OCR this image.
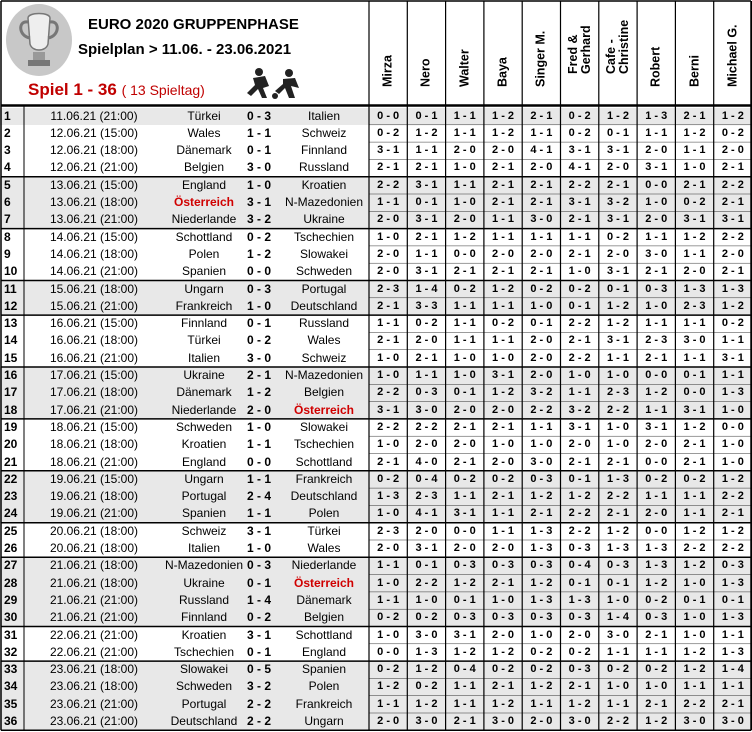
EURO 2020 GRUPPENPHASE
Spielplan > 11.06. - 23.06.2021
Spiel 1 - 36 ( 13 Spieltag)
Mirza Nero Walter Baya Singer M. Fred &
Gerhard Cafe -
Christine Robert Berni Michael G.
1	11.06.21 (21:00)	Türkei	0 - 3	Italien	0 - 0	0 - 1	1 - 1	1 - 2	2 - 1	0 - 2	1 - 2	1 - 3	2 - 1	1 - 2
2	12.06.21 (15:00)	Wales	1 - 1	Schweiz	0 - 2	1 - 2	1 - 1	1 - 2	1 - 1	0 - 2	0 - 1	1 - 1	1 - 2	0 - 2
3	12.06.21 (18:00)	Dänemark	0 - 1	Finnland	3 - 1	1 - 1	2 - 0	2 - 0	4 - 1	3 - 1	3 - 1	2 - 0	1 - 1	2 - 0
4	12.06.21 (21:00)	Belgien	3 - 0	Russland	2 - 1	2 - 1	1 - 0	2 - 1	2 - 0	4 - 1	2 - 0	3 - 1	1 - 0	2 - 1
5	13.06.21 (15:00)	England	1 - 0	Kroatien	2 - 2	3 - 1	1 - 1	2 - 1	2 - 1	2 - 2	2 - 1	0 - 0	2 - 1	2 - 2
6	13.06.21 (18:00)	Österreich	3 - 1	N-Mazedonien	1 - 1	0 - 1	1 - 0	2 - 1	2 - 1	3 - 1	3 - 2	1 - 0	0 - 2	2 - 1
7	13.06.21 (21:00)	Niederlande 3 - 2	Ukraine	2 - 0	3 - 1	2 - 0	1 - 1	3 - 0	2 - 1	3 - 1	2 - 0	3 - 1	3 - 1
8	14.06.21 (15:00)	Schottland	0 - 2	Tschechien	1 - 0	2 - 1	1 - 2	1 - 1	1 - 1	1 - 1	0 - 2	1 - 1	1 - 2	2 - 2
9	14.06.21 (18:00)	Polen	1 - 2	Slowakei	2 - 0	1 - 1	0 - 0	2 - 0	2 - 0	2 - 1	2 - 0	3 - 0	1 - 1	2 - 0
10	14.06.21 (21:00)	Spanien	0 - 0	Schweden	2 - 0	3 - 1	2 - 1	2 - 1	2 - 1	1 - 0	3 - 1	2 - 1	2 - 0	2 - 1
11	15.06.21 (18:00)	Ungarn	0 - 3	Portugal	2 - 3	1 - 4	0 - 2	1 - 2	0 - 2	0 - 2	0 - 1	0 - 3	1 - 3	1 - 3
12	15.06.21 (21:00)	Frankreich	1 - 0	Deutschland	2 - 1	3 - 3	1 - 1	1 - 1	1 - 0	0 - 1	1 - 2	1 - 0	2 - 3	1 - 2
13	16.06.21 (15:00)	Finnland	0 - 1	Russland	1 - 1	0 - 2	1 - 1	0 - 2	0 - 1	2 - 2	1 - 2	1 - 1	1 - 1	0 - 2
14	16.06.21 (18:00)	Türkei	0 - 2	Wales	2 - 1	2 - 0	1 - 1	1 - 1	2 - 0	2 - 1	3 - 1	2 - 3	3 - 0	1 - 1
15	16.06.21 (21:00)	Italien	3 - 0	Schweiz	1 - 0	2 - 1	1 - 0	1 - 0	2 - 0	2 - 2	1 - 1	2 - 1	1 - 1	3 - 1
16	17.06.21 (15:00)	Ukraine	2 - 1	N-Mazedonien	1 - 0	1 - 1	1 - 0	3 - 1	2 - 0	1 - 0	1 - 0	0 - 0	0 - 1	1 - 1
17	17.06.21 (18:00)	Dänemark	1 - 2	Belgien	2 - 2	0 - 3	0 - 1	1 - 2	3 - 2	1 - 1	2 - 3	1 - 2	0 - 0	1 - 3
18	17.06.21 (21:00)	Niederlande 2 - 0	Österreich	3 - 1	3 - 0	2 - 0	2 - 0	2 - 2	3 - 2	2 - 2	1 - 1	3 - 1	1 - 0
19	18.06.21 (15:00)	Schweden	1 - 0	Slowakei	2 - 2	2 - 2	2 - 1	2 - 1	1 - 1	3 - 1	1 - 0	3 - 1	1 - 2	0 - 0
20	18.06.21 (18:00)	Kroatien	1 - 1	Tschechien	1 - 0	2 - 0	2 - 0	1 - 0	1 - 0	2 - 0	1 - 0	2 - 0	2 - 1	1 - 0
21	18.06.21 (21:00)	England	0 - 0	Schottland	2 - 1	4 - 0	2 - 1	2 - 0	3 - 0	2 - 1	2 - 1	0 - 0	2 - 1	1 - 0
22	19.06.21 (15:00)	Ungarn	1 - 1	Frankreich	0 - 2	0 - 4	0 - 2	0 - 2	0 - 3	0 - 1	1 - 3	0 - 2	0 - 2	1 - 2
23	19.06.21 (18:00)	Portugal	2 - 4	Deutschland	1 - 3	2 - 3	1 - 1	2 - 1	1 - 2	1 - 2	2 - 2	1 - 1	1 - 1	2 - 2
24	19.06.21 (21:00)	Spanien	1 - 1	Polen	1 - 0	4 - 1	3 - 1	1 - 1	2 - 1	2 - 2	2 - 1	2 - 0	1 - 1	2 - 1
25	20.06.21 (18:00)	Schweiz	3 - 1	Türkei	2 - 3	2 - 0	0 - 0	1 - 1	1 - 3	2 - 2	1 - 2	0 - 0	1 - 2	1 - 2
26	20.06.21 (18:00)	Italien	1 - 0	Wales	2 - 0	3 - 1	2 - 0	2 - 0	1 - 3	0 - 3	1 - 3	1 - 3	2 - 2	2 - 2
27	21.06.21 (18:00)	N-Mazedonien 0 - 3	Niederlande	1 - 1	0 - 1	0 - 3	0 - 3	0 - 3	0 - 4	0 - 3	1 - 3	1 - 2	0 - 3
28	21.06.21 (18:00)	Ukraine	0 - 1	Österreich	1 - 0	2 - 2	1 - 2	2 - 1	1 - 2	0 - 1	0 - 1	1 - 2	1 - 0	1 - 3
29	21.06.21 (21:00)	Russland	1 - 4	Dänemark	1 - 1	1 - 0	0 - 1	1 - 0	1 - 3	1 - 3	1 - 0	0 - 2	0 - 1	0 - 1
30	21.06.21 (21:00)	Finnland	0 - 2	Belgien	0 - 2	0 - 2	0 - 3	0 - 3	0 - 3	0 - 3	1 - 4	0 - 3	1 - 0	1 - 3
31	22.06.21 (21:00)	Kroatien	3 - 1	Schottland	1 - 0	3 - 0	3 - 1	2 - 0	1 - 0	2 - 0	3 - 0	2 - 1	1 - 0	1 - 1
32	22.06.21 (21:00)	Tschechien	0 - 1	England	0 - 0	1 - 3	1 - 2	1 - 2	0 - 2	0 - 2	1 - 1	1 - 1	1 - 2	1 - 3
33	23.06.21 (18:00)	Slowakei	0 - 5	Spanien	0 - 2	1 - 2	0 - 4	0 - 2	0 - 2	0 - 3	0 - 2	0 - 2	1 - 2	1 - 4
34	23.06.21 (18:00)	Schweden	3 - 2	Polen	1 - 2	0 - 2	1 - 1	2 - 1	1 - 2	2 - 1	1 - 0	1 - 0	1 - 1	1 - 1
35	23.06.21 (21:00)	Portugal	2 - 2	Frankreich	1 - 1	1 - 2	1 - 1	1 - 2	1 - 1	1 - 2	1 - 1	2 - 1	2 - 2	2 - 1
36	23.06.21 (21:00)	Deutschland 2 - 2	Ungarn	2 - 0	3 - 0	2 - 1	3 - 0	2 - 0	3 - 0	2 - 2	1 - 2	3 - 0	3 - 0
